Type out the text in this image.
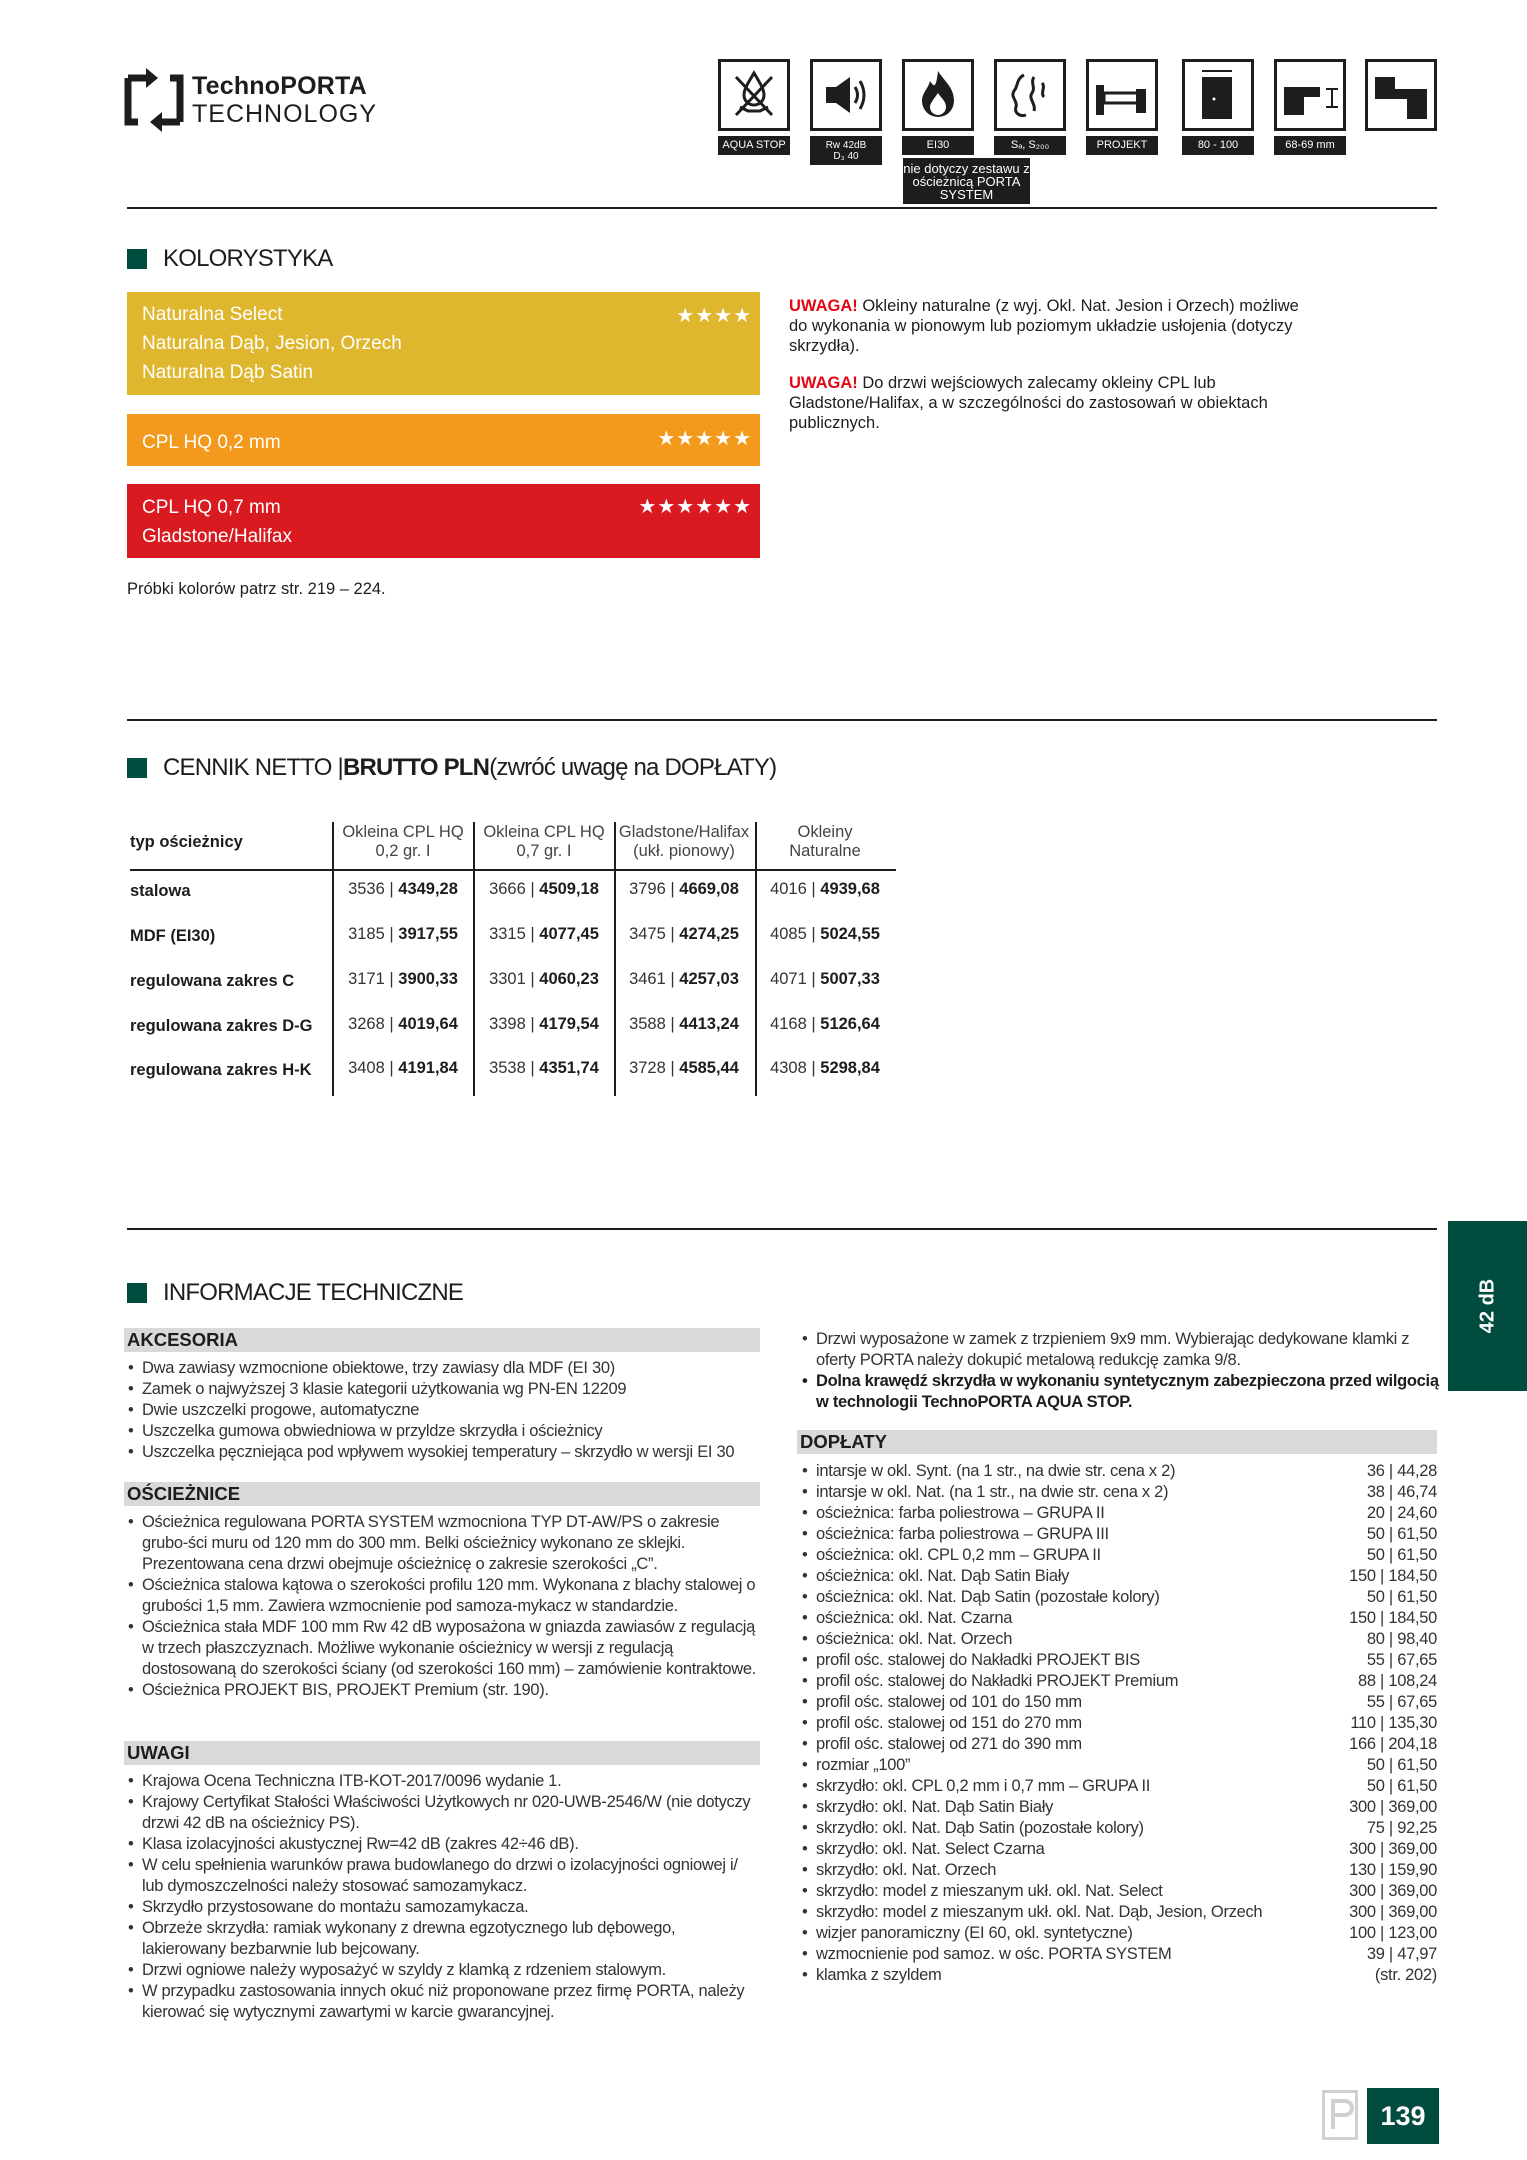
TechnoPORTA
TECHNOLOGY
AQUA STOP	Rw 42dB
D₃ 40
EI30	Sₐ, S₂₀₀	PROJEKT	80 - 100	68-69 mm
nie dotyczy zestawu z ościeżnicą PORTA SYSTEM
KOLORYSTYKA
Naturalna Select
Naturalna Dąb, Jesion, Orzech
Naturalna Dąb Satin
★★★★
CPL HQ 0,2 mm	★★★★★
CPL HQ 0,7 mm
Gladstone/Halifax
★★★★★★
UWAGA! Okleiny naturalne (z wyj. Okl. Nat. Jesion i Orzech) możliwe do wykonania w pionowym lub poziomym układzie usłojenia (dotyczy skrzydła).
UWAGA! Do drzwi wejściowych zalecamy okleiny CPL lub Gladstone/Halifax, a w szczególności do zastosowań w obiektach publicznych.
Próbki kolorów patrz str. 219 – 224.
CENNIK NETTO | BRUTTO PLN (zwróć uwagę na DOPŁATY)
typ ościeżnicy
Okleina CPL HQ
0,2 gr. I
Okleina CPL HQ
0,7 gr. I
Gladstone/Halifax
(ukł. pionowy)
Okleiny
Naturalne
stalowa	3536 | 4349,28	3666 | 4509,18	3796 | 4669,08	4016 | 4939,68
MDF (EI30)	3185 | 3917,55	3315 | 4077,45	3475 | 4274,25	4085 | 5024,55
regulowana zakres C	3171 | 3900,33	3301 | 4060,23	3461 | 4257,03	4071 | 5007,33
regulowana zakres D-G	3268 | 4019,64	3398 | 4179,54	3588 | 4413,24	4168 | 5126,64
regulowana zakres H-K	3408 | 4191,84	3538 | 4351,74	3728 | 4585,44	4308 | 5298,84
INFORMACJE TECHNICZNE
AKCESORIA
• Dwa zawiasy wzmocnione obiektowe, trzy zawiasy dla MDF (EI 30)
• Zamek o najwyższej 3 klasie kategorii użytkowania wg PN-EN 12209
• Dwie uszczelki progowe, automatyczne
• Uszczelka gumowa obwiedniowa w przyldze skrzydła i ościeżnicy
• Uszczelka pęczniejąca pod wpływem wysokiej temperatury – skrzydło w wersji EI 30
OŚCIEŻNICE
• Ościeżnica regulowana PORTA SYSTEM wzmocniona TYP DT-AW/PS o zakresie grubo-ści muru od 120 mm do 300 mm. Belki ościeżnicy wykonano ze sklejki. Prezentowana cena drzwi obejmuje ościeżnicę o zakresie szerokości „C”.
• Ościeżnica stalowa kątowa o szerokości profilu 120 mm. Wykonana z blachy stalowej o grubości 1,5 mm. Zawiera wzmocnienie pod samoza-mykacz w standardzie.
• Ościeżnica stała MDF 100 mm Rw 42 dB wyposażona w gniazda zawiasów z regulacją w trzech płaszczyznach. Możliwe wykonanie ościeżnicy w wersji z regulacją dostosowaną do szerokości ściany (od szerokości 160 mm) – zamówienie kontraktowe.
• Ościeżnica PROJEKT BIS, PROJEKT Premium (str. 190).
UWAGI
• Krajowa Ocena Techniczna ITB-KOT-2017/0096 wydanie 1.
• Krajowy Certyfikat Stałości Właściwości Użytkowych nr 020-UWB-2546/W (nie dotyczy drzwi 42 dB na ościeżnicy PS).
• Klasa izolacyjności akustycznej Rw=42 dB (zakres 42÷46 dB).
• W celu spełnienia warunków prawa budowlanego do drzwi o izolacyjności ogniowej i/ lub dymoszczelności należy stosować samozamykacz.
• Skrzydło przystosowane do montażu samozamykacza.
• Obrzeże skrzydła: ramiak wykonany z drewna egzotycznego lub dębowego, lakierowany bezbarwnie lub bejcowany.
• Drzwi ogniowe należy wyposażyć w szyldy z klamką z rdzeniem stalowym.
• W przypadku zastosowania innych okuć niż proponowane przez firmę PORTA, należy kierować się wytycznymi zawartymi w karcie gwarancyjnej.
• Drzwi wyposażone w zamek z trzpieniem 9x9 mm. Wybierając dedykowane klamki z oferty PORTA należy dokupić metalową redukcję zamka 9/8.
• Dolna krawędź skrzydła w wykonaniu syntetycznym zabezpieczona przed wilgocią w technologii TechnoPORTA AQUA STOP.
DOPŁATY
• intarsje w okl. Synt. (na 1 str., na dwie str. cena x 2)	36 | 44,28
• intarsje w okl. Nat. (na 1 str., na dwie str. cena x 2)	38 | 46,74
• ościeżnica: farba poliestrowa – GRUPA II	20 | 24,60
• ościeżnica: farba poliestrowa – GRUPA III	50 | 61,50
• ościeżnica: okl. CPL 0,2 mm – GRUPA II	50 | 61,50
• ościeżnica: okl. Nat. Dąb Satin Biały	150 | 184,50
• ościeżnica: okl. Nat. Dąb Satin (pozostałe kolory)	50 | 61,50
• ościeżnica: okl. Nat. Czarna	150 | 184,50
• ościeżnica: okl. Nat. Orzech	80 | 98,40
• profil ośc. stalowej do Nakładki PROJEKT BIS	55 | 67,65
• profil ośc. stalowej do Nakładki PROJEKT Premium	88 | 108,24
• profil ośc. stalowej od 101 do 150 mm	55 | 67,65
• profil ośc. stalowej od 151 do 270 mm	110 | 135,30
• profil ośc. stalowej od 271 do 390 mm	166 | 204,18
• rozmiar „100”	50 | 61,50
• skrzydło: okl. CPL 0,2 mm i 0,7 mm – GRUPA II	50 | 61,50
• skrzydło: okl. Nat. Dąb Satin Biały	300 | 369,00
• skrzydło: okl. Nat. Dąb Satin (pozostałe kolory)	75 | 92,25
• skrzydło: okl. Nat. Select Czarna	300 | 369,00
• skrzydło: okl. Nat. Orzech	130 | 159,90
• skrzydło: model z mieszanym ukł. okl. Nat. Select	300 | 369,00
• skrzydło: model z mieszanym ukł. okl. Nat. Dąb, Jesion, Orzech	300 | 369,00
• wizjer panoramiczny (EI 60, okl. syntetyczne)	100 | 123,00
• wzmocnienie pod samoz. w ośc. PORTA SYSTEM	39 | 47,97
• klamka z szyldem	(str. 202)
42 dB
139
